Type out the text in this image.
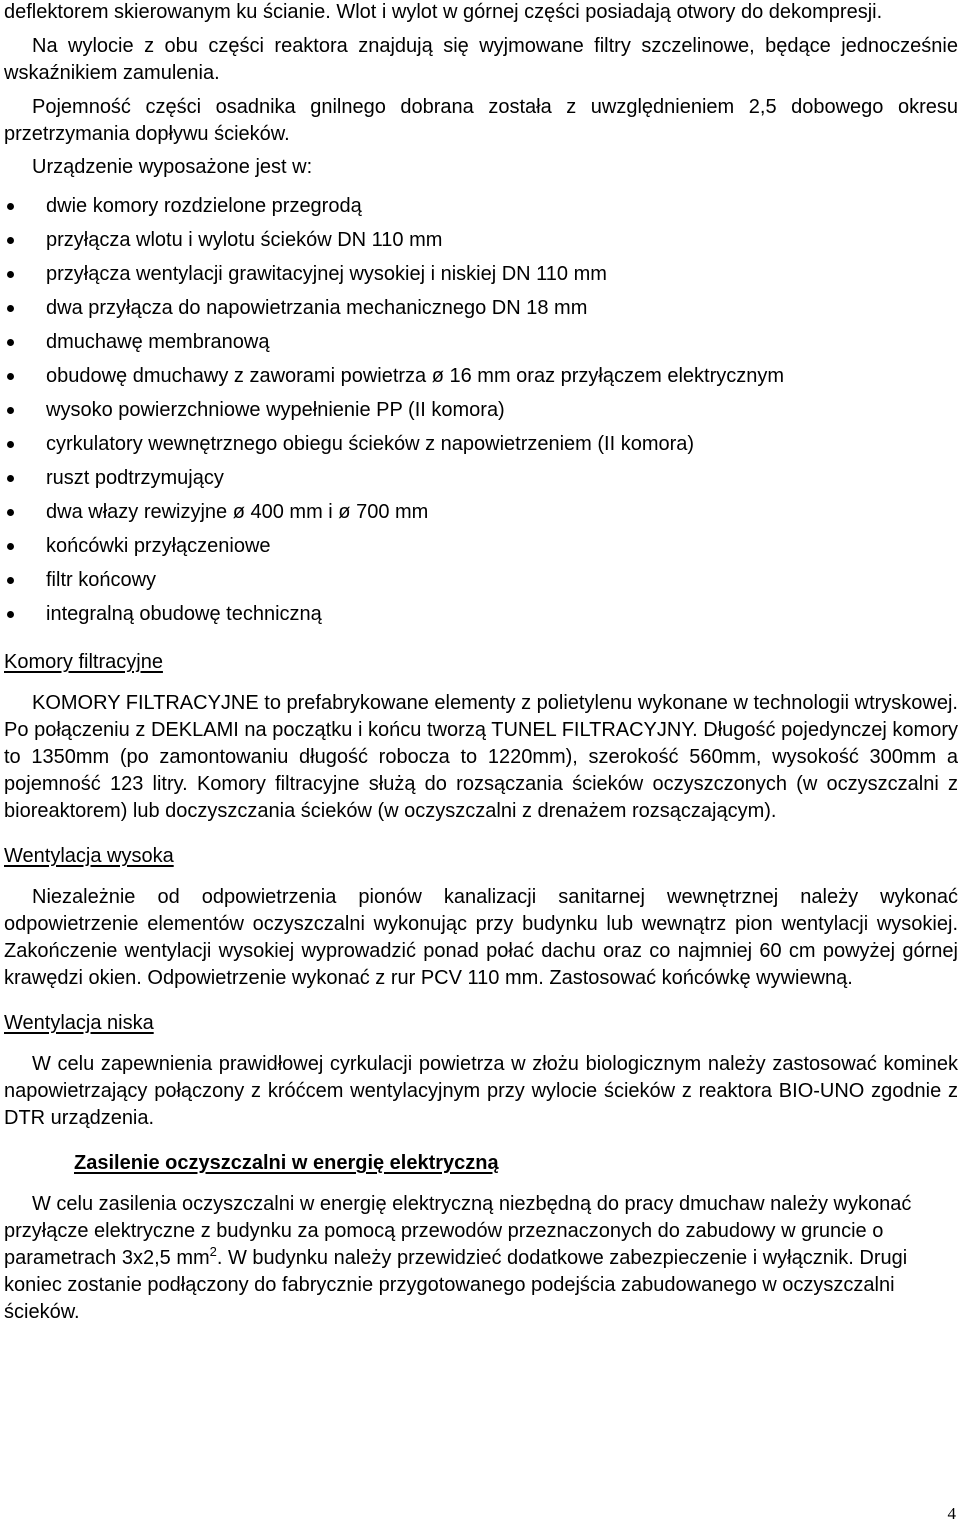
deflektorem skierowanym ku ścianie. Wlot i wylot w górnej części posiadają otwory do dekompresji.

Na wylocie z obu części reaktora znajdują się wyjmowane filtry szczelinowe, będące jednocześnie wskaźnikiem zamulenia.

Pojemność części osadnika gnilnego dobrana została z uwzględnieniem 2,5 dobowego okresu przetrzymania dopływu ścieków.

Urządzenie wyposażone jest w:

dwie komory rozdzielone przegrodą
przyłącza wlotu i wylotu ścieków DN 110 mm
przyłącza wentylacji grawitacyjnej wysokiej i niskiej DN 110 mm
dwa przyłącza do napowietrzania mechanicznego DN 18 mm
dmuchawę membranową
obudowę dmuchawy z zaworami powietrza ø 16 mm oraz przyłączem elektrycznym
wysoko powierzchniowe wypełnienie PP (II komora)
cyrkulatory wewnętrznego obiegu ścieków z napowietrzeniem (II komora)
ruszt podtrzymujący
dwa włazy rewizyjne ø 400 mm i ø 700 mm
końcówki przyłączeniowe
filtr końcowy
integralną obudowę techniczną

Komory filtracyjne

KOMORY FILTRACYJNE to prefabrykowane elementy z polietylenu wykonane w technologii wtryskowej. Po połączeniu z DEKLAMI na początku i końcu tworzą TUNEL FILTRACYJNY. Długość pojedynczej komory to 1350mm (po zamontowaniu długość robocza to 1220mm), szerokość 560mm, wysokość 300mm a pojemność 123 litry. Komory filtracyjne służą do rozsączania ścieków oczyszczonych (w oczyszczalni z bioreaktorem) lub doczyszczania ścieków (w oczyszczalni z drenażem rozsączającym).

Wentylacja wysoka

Niezależnie od odpowietrzenia pionów kanalizacji sanitarnej wewnętrznej należy wykonać odpowietrzenie elementów oczyszczalni wykonując przy budynku lub wewnątrz pion wentylacji wysokiej. Zakończenie wentylacji wysokiej wyprowadzić ponad połać dachu oraz co najmniej 60 cm powyżej górnej krawędzi okien. Odpowietrzenie wykonać z rur PCV 110 mm. Zastosować końcówkę wywiewną.

Wentylacja niska

W celu zapewnienia prawidłowej cyrkulacji powietrza w złożu biologicznym należy zastosować kominek napowietrzający połączony z króćcem wentylacyjnym przy wylocie ścieków z reaktora BIO-UNO zgodnie z DTR urządzenia.

Zasilenie oczyszczalni w energię elektryczną

W celu zasilenia oczyszczalni w energię elektryczną niezbędną do pracy dmuchaw należy wykonać przyłącze elektryczne z budynku za pomocą przewodów przeznaczonych do zabudowy w gruncie o parametrach 3x2,5 $mm^2$. W budynku należy przewidzieć dodatkowe zabezpieczenie i wyłącznik. Drugi koniec zostanie podłączony do fabrycznie przygotowanego podejścia zabudowanego w oczyszczalni ścieków.

4
